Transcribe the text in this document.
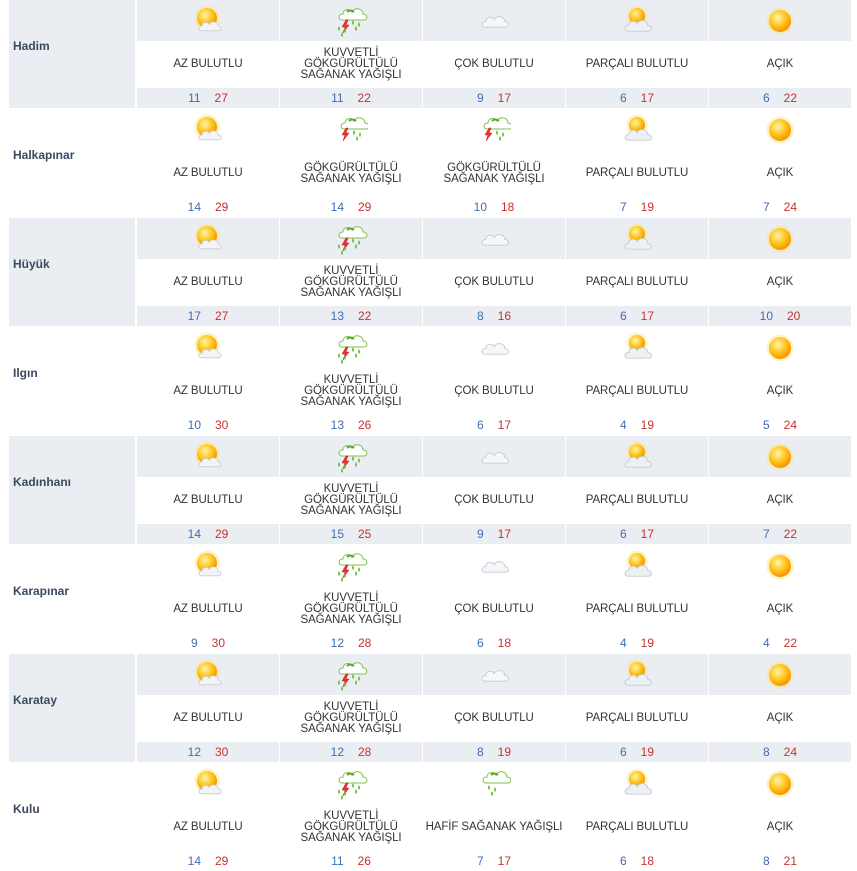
Hadim
AZ BULUTLU
11 27
KUVVETLİ GÖKGÜRÜLTÜLÜ SAĞANAK YAĞIŞLI
11 22
ÇOK BULUTLU
9 17
PARÇALI BULUTLU
6 17
AÇIK
6 22
Halkapınar
AZ BULUTLU
14 29
GÖKGÜRÜLTÜLÜ SAĞANAK YAĞIŞLI
14 29
GÖKGÜRÜLTÜLÜ SAĞANAK YAĞIŞLI
10 18
PARÇALI BULUTLU
7 19
AÇIK
7 24
Hüyük
AZ BULUTLU
17 27
KUVVETLİ GÖKGÜRÜLTÜLÜ SAĞANAK YAĞIŞLI
13 22
ÇOK BULUTLU
8 16
PARÇALI BULUTLU
6 17
AÇIK
10 20
Ilgın
AZ BULUTLU
10 30
KUVVETLİ GÖKGÜRÜLTÜLÜ SAĞANAK YAĞIŞLI
13 26
ÇOK BULUTLU
6 17
PARÇALI BULUTLU
4 19
AÇIK
5 24
Kadınhanı
AZ BULUTLU
14 29
KUVVETLİ GÖKGÜRÜLTÜLÜ SAĞANAK YAĞIŞLI
15 25
ÇOK BULUTLU
9 17
PARÇALI BULUTLU
6 17
AÇIK
7 22
Karapınar
AZ BULUTLU
9 30
KUVVETLİ GÖKGÜRÜLTÜLÜ SAĞANAK YAĞIŞLI
12 28
ÇOK BULUTLU
6 18
PARÇALI BULUTLU
4 19
AÇIK
4 22
Karatay
AZ BULUTLU
12 30
KUVVETLİ GÖKGÜRÜLTÜLÜ SAĞANAK YAĞIŞLI
12 28
ÇOK BULUTLU
8 19
PARÇALI BULUTLU
6 19
AÇIK
8 24
Kulu
AZ BULUTLU
14 29
KUVVETLİ GÖKGÜRÜLTÜLÜ SAĞANAK YAĞIŞLI
11 26
HAFİF SAĞANAK YAĞIŞLI
7 17
PARÇALI BULUTLU
6 18
AÇIK
8 21
